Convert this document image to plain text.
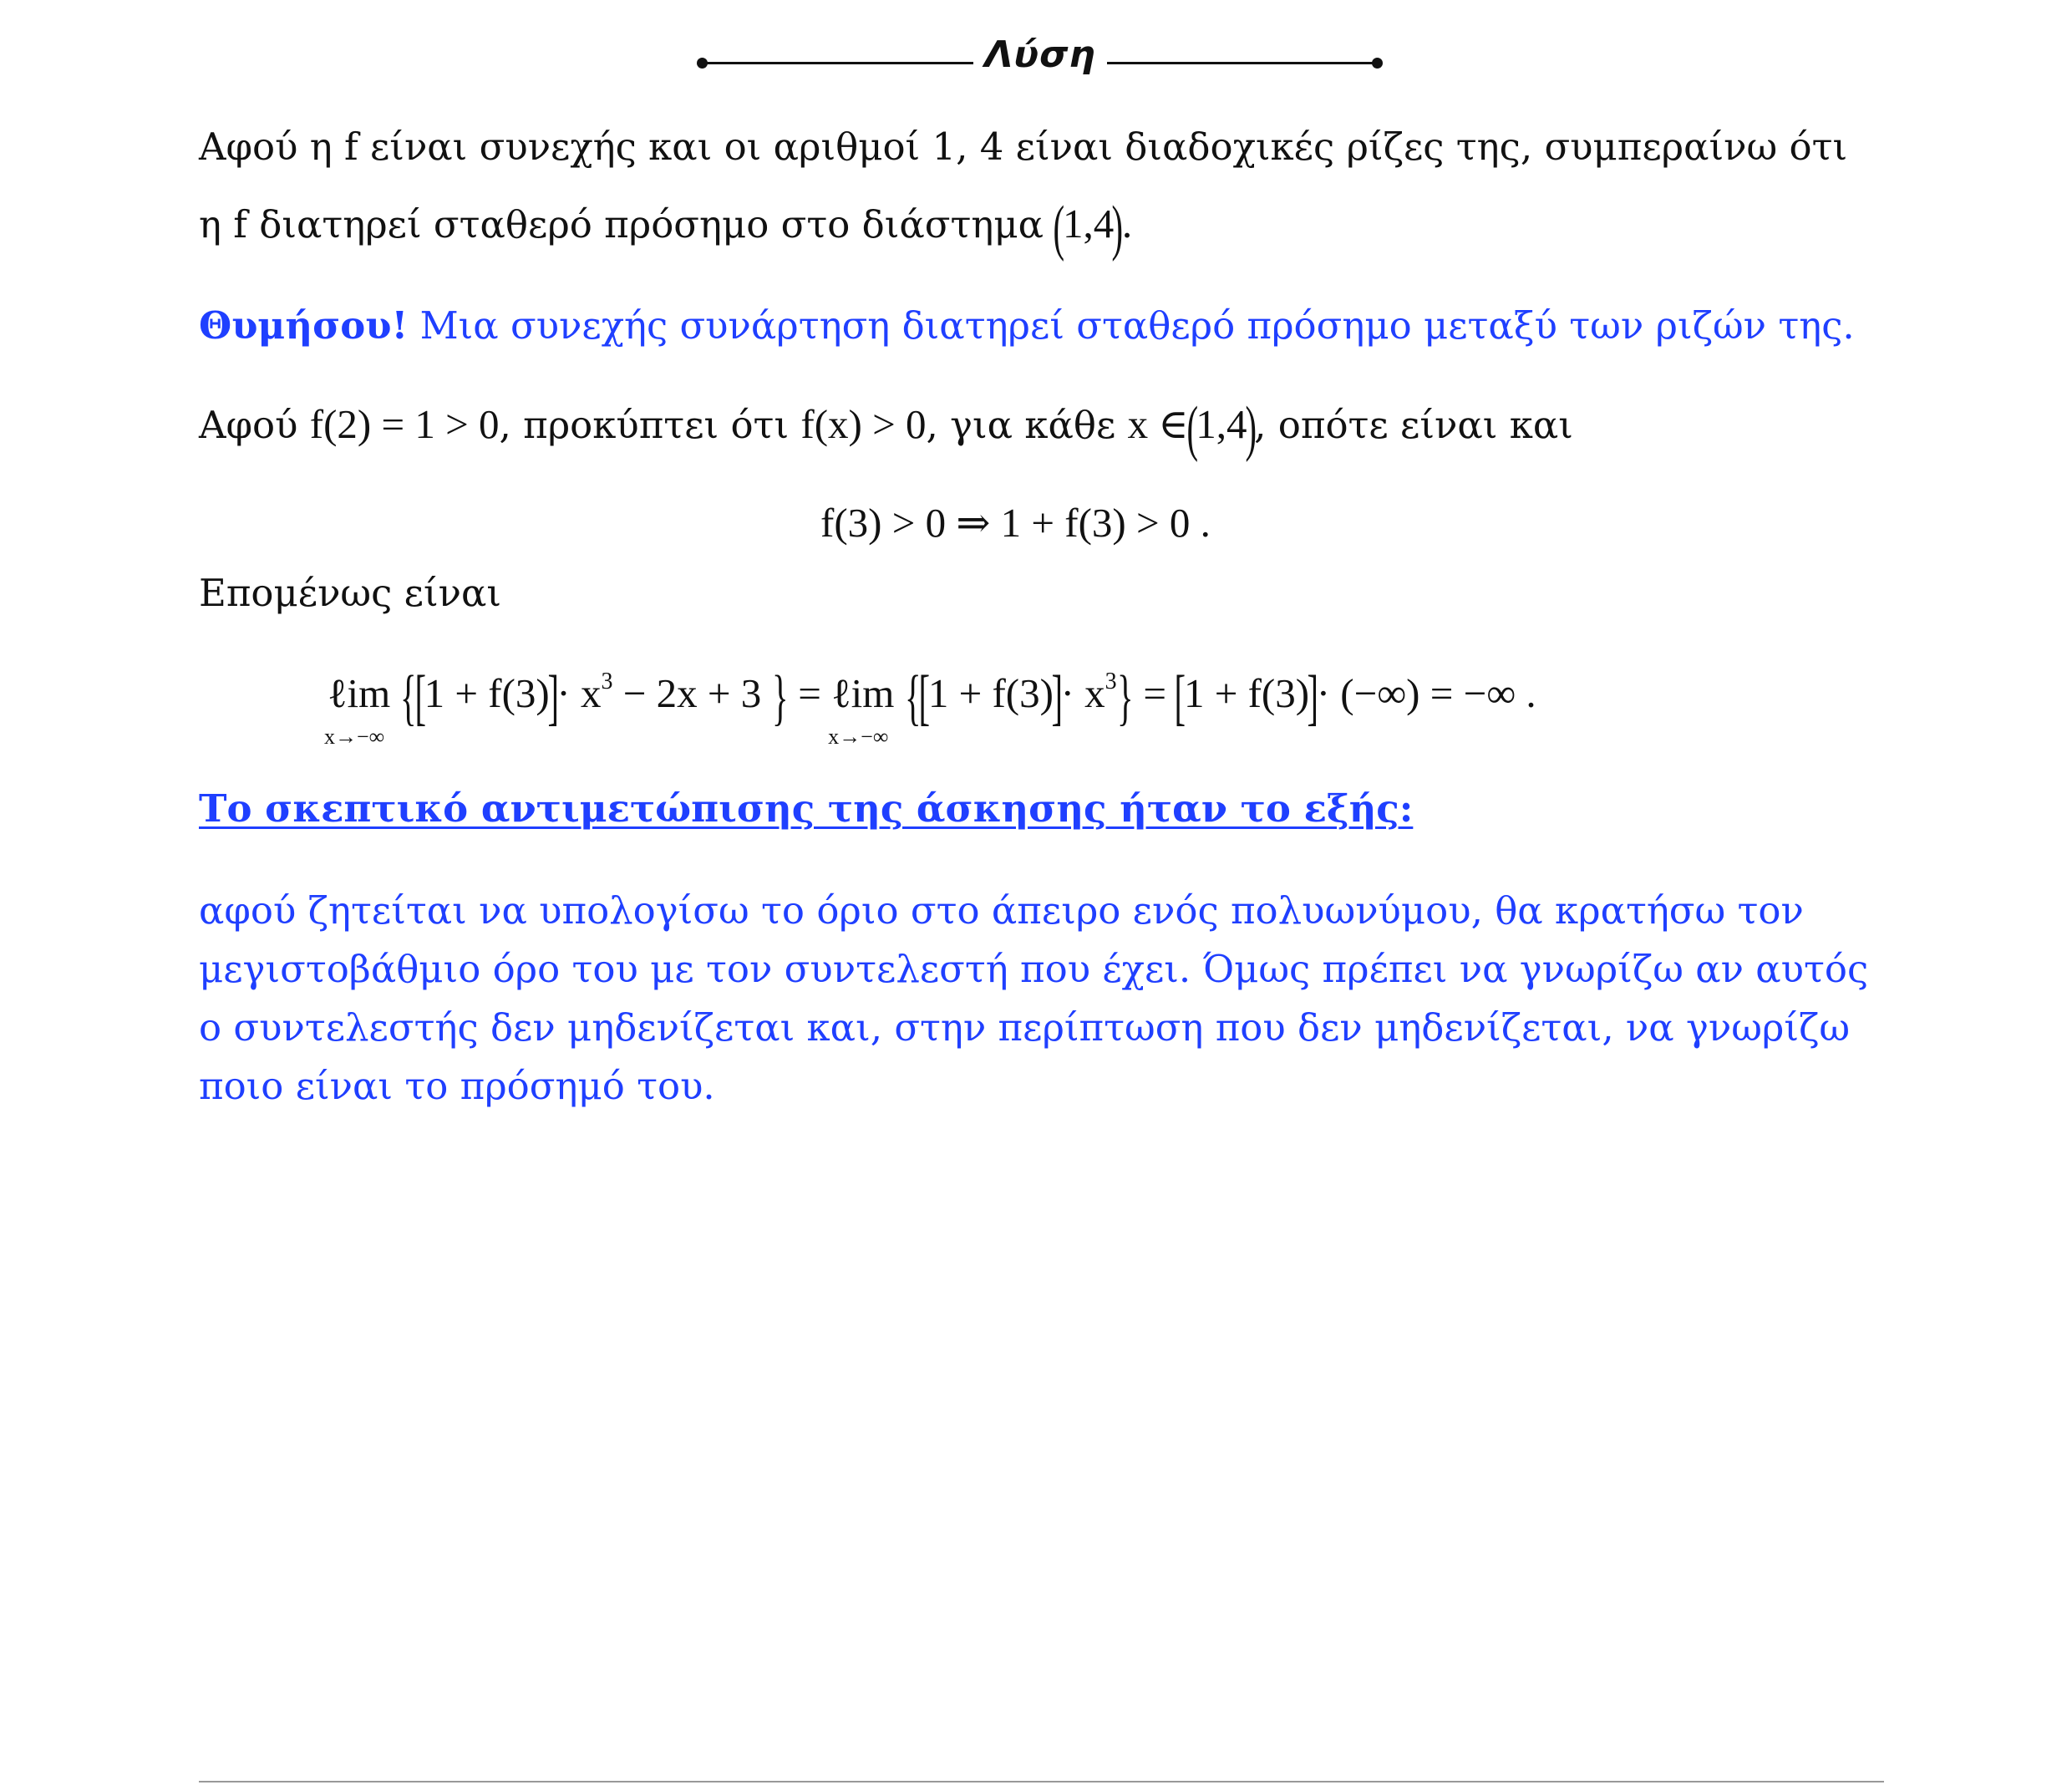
Λύση
Αφού η f είναι συνεχής και οι αριθμοί 1, 4 είναι διαδοχικές ρίζες της, συμπεραίνω ότι
η f διατηρεί σταθερό πρόσημο στο διάστημα (1,4).
Θυμήσου! Μια συνεχής συνάρτηση διατηρεί σταθερό πρόσημο μεταξύ των ριζών της.
Αφού f(2) = 1 > 0, προκύπτει ότι f(x) > 0, για κάθε x ∈(1,4), οπότε είναι και
f(3) > 0 ⇒ 1 + f(3) > 0 .
Επομένως είναι
ℓim
x→−∞
{$[1 + f(3)]\cdot x^3 - 2x + 3$ } = ℓim
x→−∞
$\{[1 + f(3)]\cdot x^3\} = [1 + f(3)]\cdot$ (−∞) = −∞ .
Το σκεπτικό αντιμετώπισης της άσκησης ήταν το εξής:
αφού ζητείται να υπολογίσω το όριο στο άπειρο ενός πολυωνύμου, θα κρατήσω τον
μεγιστοβάθμιο όρο του με τον συντελεστή που έχει. Όμως πρέπει να γνωρίζω αν αυτός
ο συντελεστής δεν μηδενίζεται και, στην περίπτωση που δεν μηδενίζεται, να γνωρίζω
ποιο είναι το πρόσημό του.
